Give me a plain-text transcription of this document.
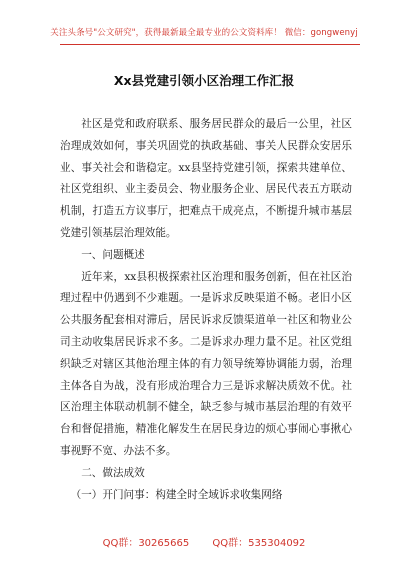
关注头条号"公文研究"，获得最新最全最专业的公文资料库！ 微信：gongwenyj
Xx县党建引领小区治理工作汇报

社区是党和政府联系、服务居民群众的最后一公里，社区治理成效如何，事关巩固党的执政基础、事关人民群众安居乐业、事关社会和谐稳定。xx县坚持党建引领，探索共建单位、社区党组织、业主委员会、物业服务企业、居民代表五方联动机制，打造五方议事厅，把难点干成亮点，不断提升城市基层党建引领基层治理效能。

一、问题概述

近年来，xx县积极探索社区治理和服务创新，但在社区治理过程中仍遇到不少难题。一是诉求反映渠道不畅。老旧小区公共服务配套相对滞后，居民诉求反馈渠道单一社区和物业公司主动收集居民诉求不多。二是诉求办理力量不足。社区党组织缺乏对辖区其他治理主体的有力领导统筹协调能力弱，治理主体各自为战，没有形成治理合力三是诉求解决质效不优。社区治理主体联动机制不健全，缺乏参与城市基层治理的有效平台和督促措施，精准化解发生在居民身边的烦心事闹心事揪心事视野不宽、办法不多。

二、做法成效

（一）开门问事：构建全时全域诉求收集网络

QQ群：30265665 QQ群：535304092
